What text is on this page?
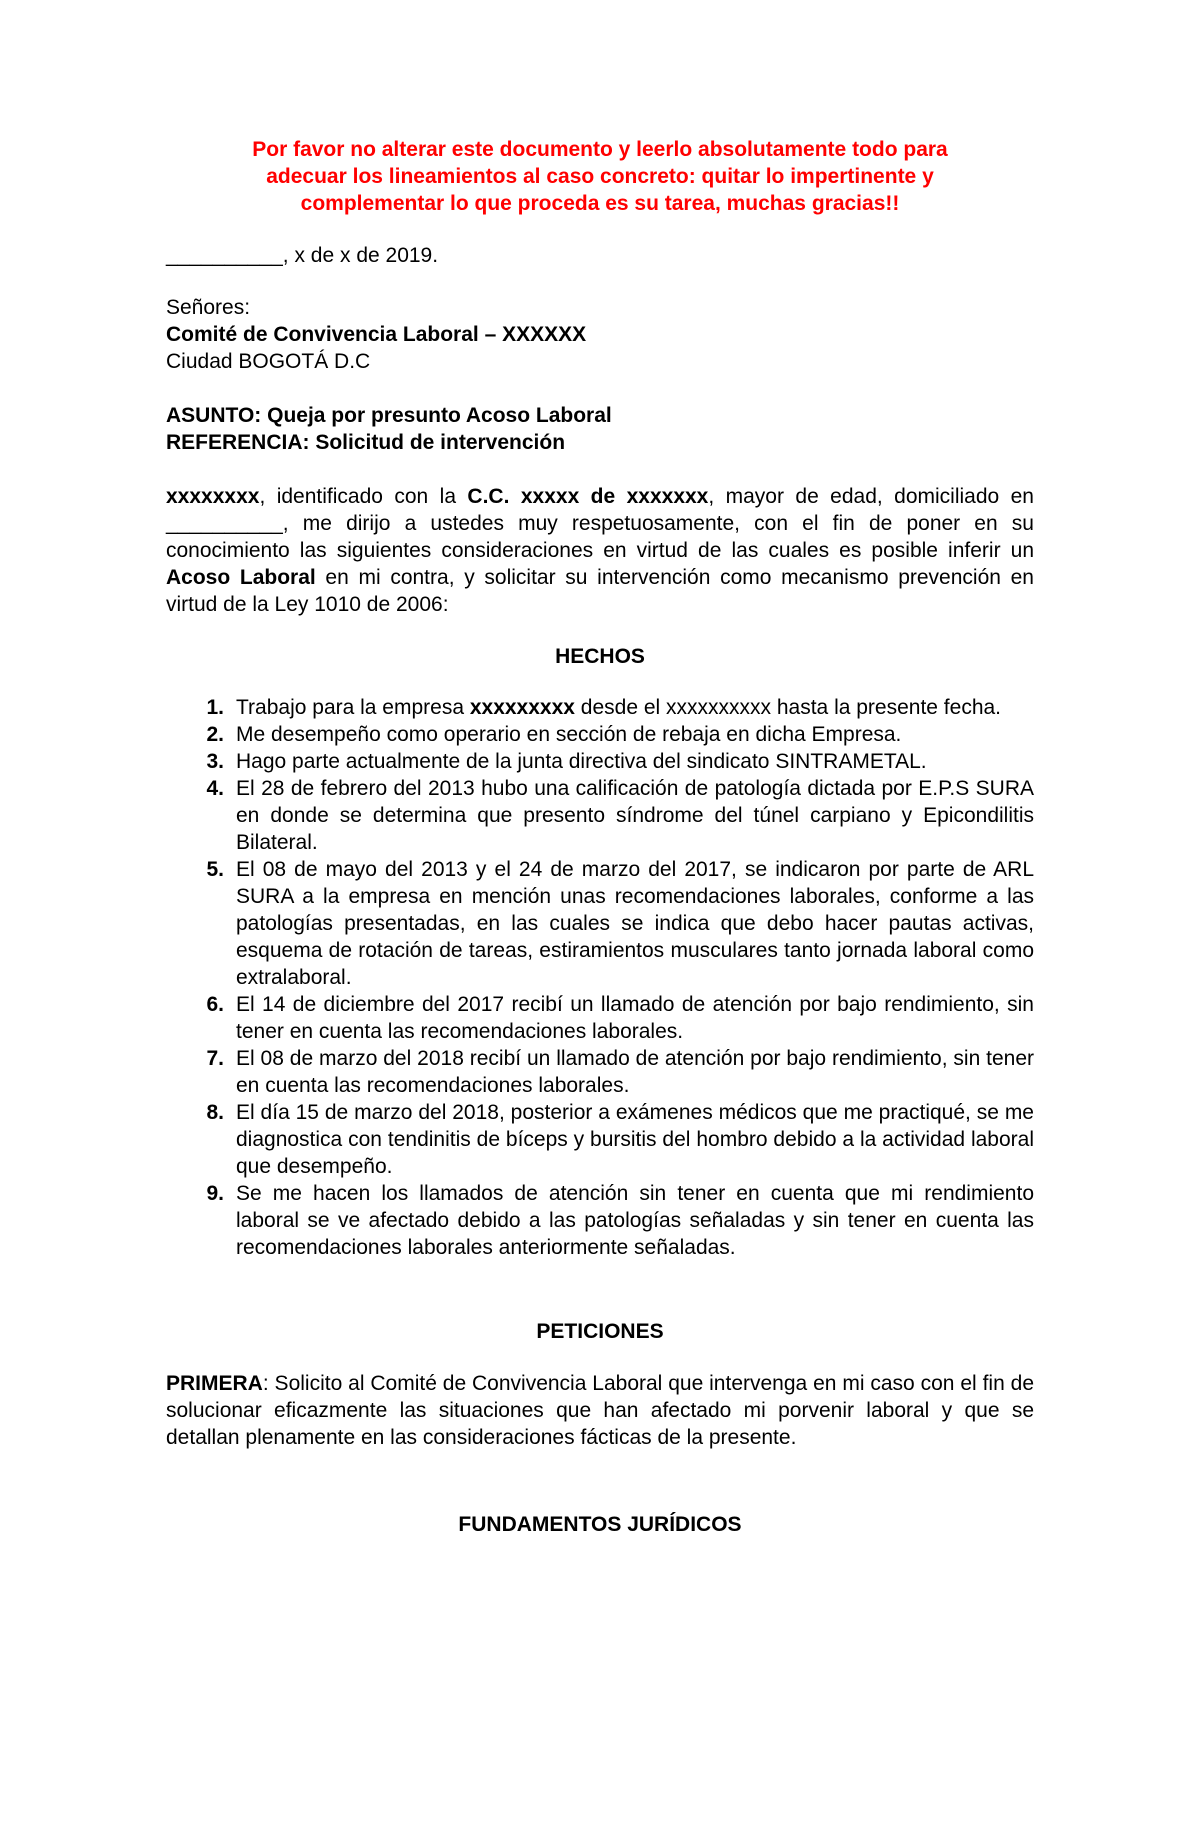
Por favor no alterar este documento y leerlo absolutamente todo para
adecuar los lineamientos al caso concreto: quitar lo impertinente y
complementar lo que proceda es su tarea, muchas gracias!!
__________, x de x de 2019.
Señores:
Comité de Convivencia Laboral – XXXXXX
Ciudad BOGOTÁ D.C
ASUNTO: Queja por presunto Acoso Laboral
REFERENCIA: Solicitud de intervención

xxxxxxxx, identificado con la C.C. xxxxx de xxxxxxx, mayor de edad, domiciliado en __________, me dirijo a ustedes muy respetuosamente, con el fin de poner en su conocimiento las siguientes consideraciones en virtud de las cuales es posible inferir un Acoso Laboral en mi contra, y solicitar su intervención como mecanismo prevención en virtud de la Ley 1010 de 2006:

HECHOS
1. Trabajo para la empresa xxxxxxxxx desde el xxxxxxxxxx hasta la presente fecha.
2. Me desempeño como operario en sección de rebaja en dicha Empresa.
3. Hago parte actualmente de la junta directiva del sindicato SINTRAMETAL.
4. El 28 de febrero del 2013 hubo una calificación de patología dictada por E.P.S SURA en donde se determina que presento síndrome del túnel carpiano y Epicondilitis Bilateral.
5. El 08 de mayo del 2013 y el 24 de marzo del 2017, se indicaron por parte de ARL SURA a la empresa en mención unas recomendaciones laborales, conforme a las patologías presentadas, en las cuales se indica que debo hacer pautas activas, esquema de rotación de tareas, estiramientos musculares tanto jornada laboral como extralaboral.
6. El 14 de diciembre del 2017 recibí un llamado de atención por bajo rendimiento, sin tener en cuenta las recomendaciones laborales.
7. El 08 de marzo del 2018 recibí un llamado de atención por bajo rendimiento, sin tener en cuenta las recomendaciones laborales.
8. El día 15 de marzo del 2018, posterior a exámenes médicos que me practiqué, se me diagnostica con tendinitis de bíceps y bursitis del hombro debido a la actividad laboral que desempeño.
9. Se me hacen los llamados de atención sin tener en cuenta que mi rendimiento laboral se ve afectado debido a las patologías señaladas y sin tener en cuenta las recomendaciones laborales anteriormente señaladas.
PETICIONES

PRIMERA: Solicito al Comité de Convivencia Laboral que intervenga en mi caso con el fin de solucionar eficazmente las situaciones que han afectado mi porvenir laboral y que se detallan plenamente en las consideraciones fácticas de la presente.

FUNDAMENTOS JURÍDICOS
